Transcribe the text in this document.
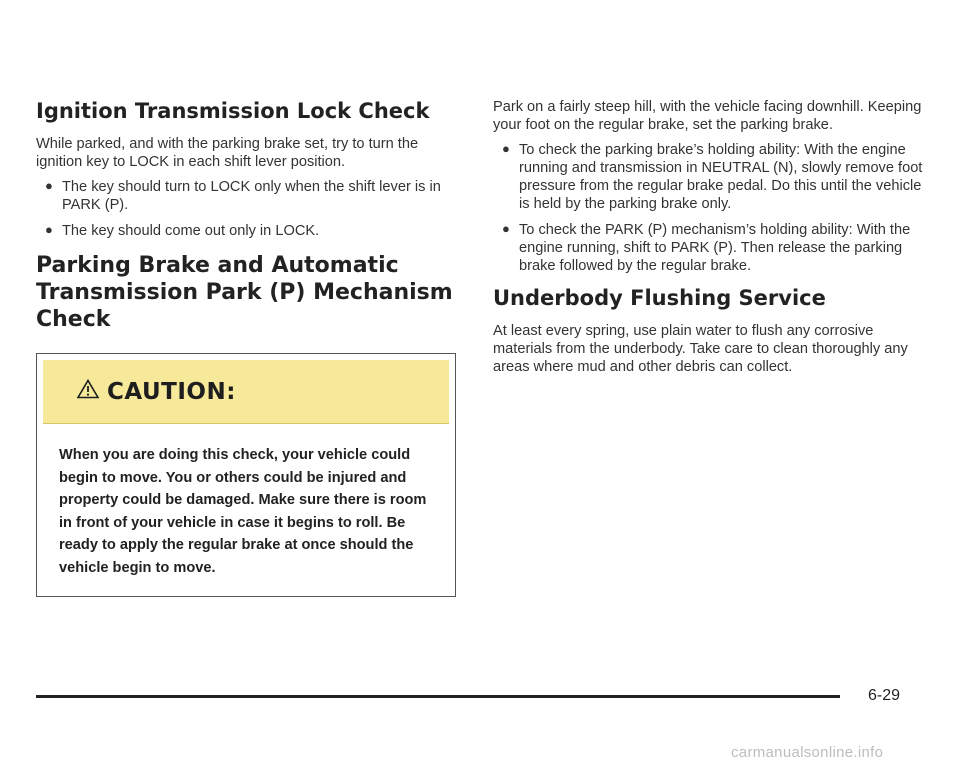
Ignition Transmission Lock Check

While parked, and with the parking brake set, try to turn the ignition key to LOCK in each shift lever position.

● The key should turn to LOCK only when the shift lever is in PARK (P).
● The key should come out only in LOCK.
Parking Brake and Automatic Transmission Park (P) Mechanism Check
CAUTION:
When you are doing this check, your vehicle could begin to move. You or others could be injured and property could be damaged. Make sure there is room in front of your vehicle in case it begins to roll. Be ready to apply the regular brake at once should the vehicle begin to move.

Park on a fairly steep hill, with the vehicle facing downhill. Keeping your foot on the regular brake, set the parking brake.

● To check the parking brake’s holding ability: With the engine running and transmission in NEUTRAL (N), slowly remove foot pressure from the regular brake pedal. Do this until the vehicle is held by the parking brake only.
● To check the PARK (P) mechanism’s holding ability: With the engine running, shift to PARK (P). Then release the parking brake followed by the regular brake.
Underbody Flushing Service

At least every spring, use plain water to flush any corrosive materials from the underbody. Take care to clean thoroughly any areas where mud and other debris can collect.

6-29
carmanualsonline.info
